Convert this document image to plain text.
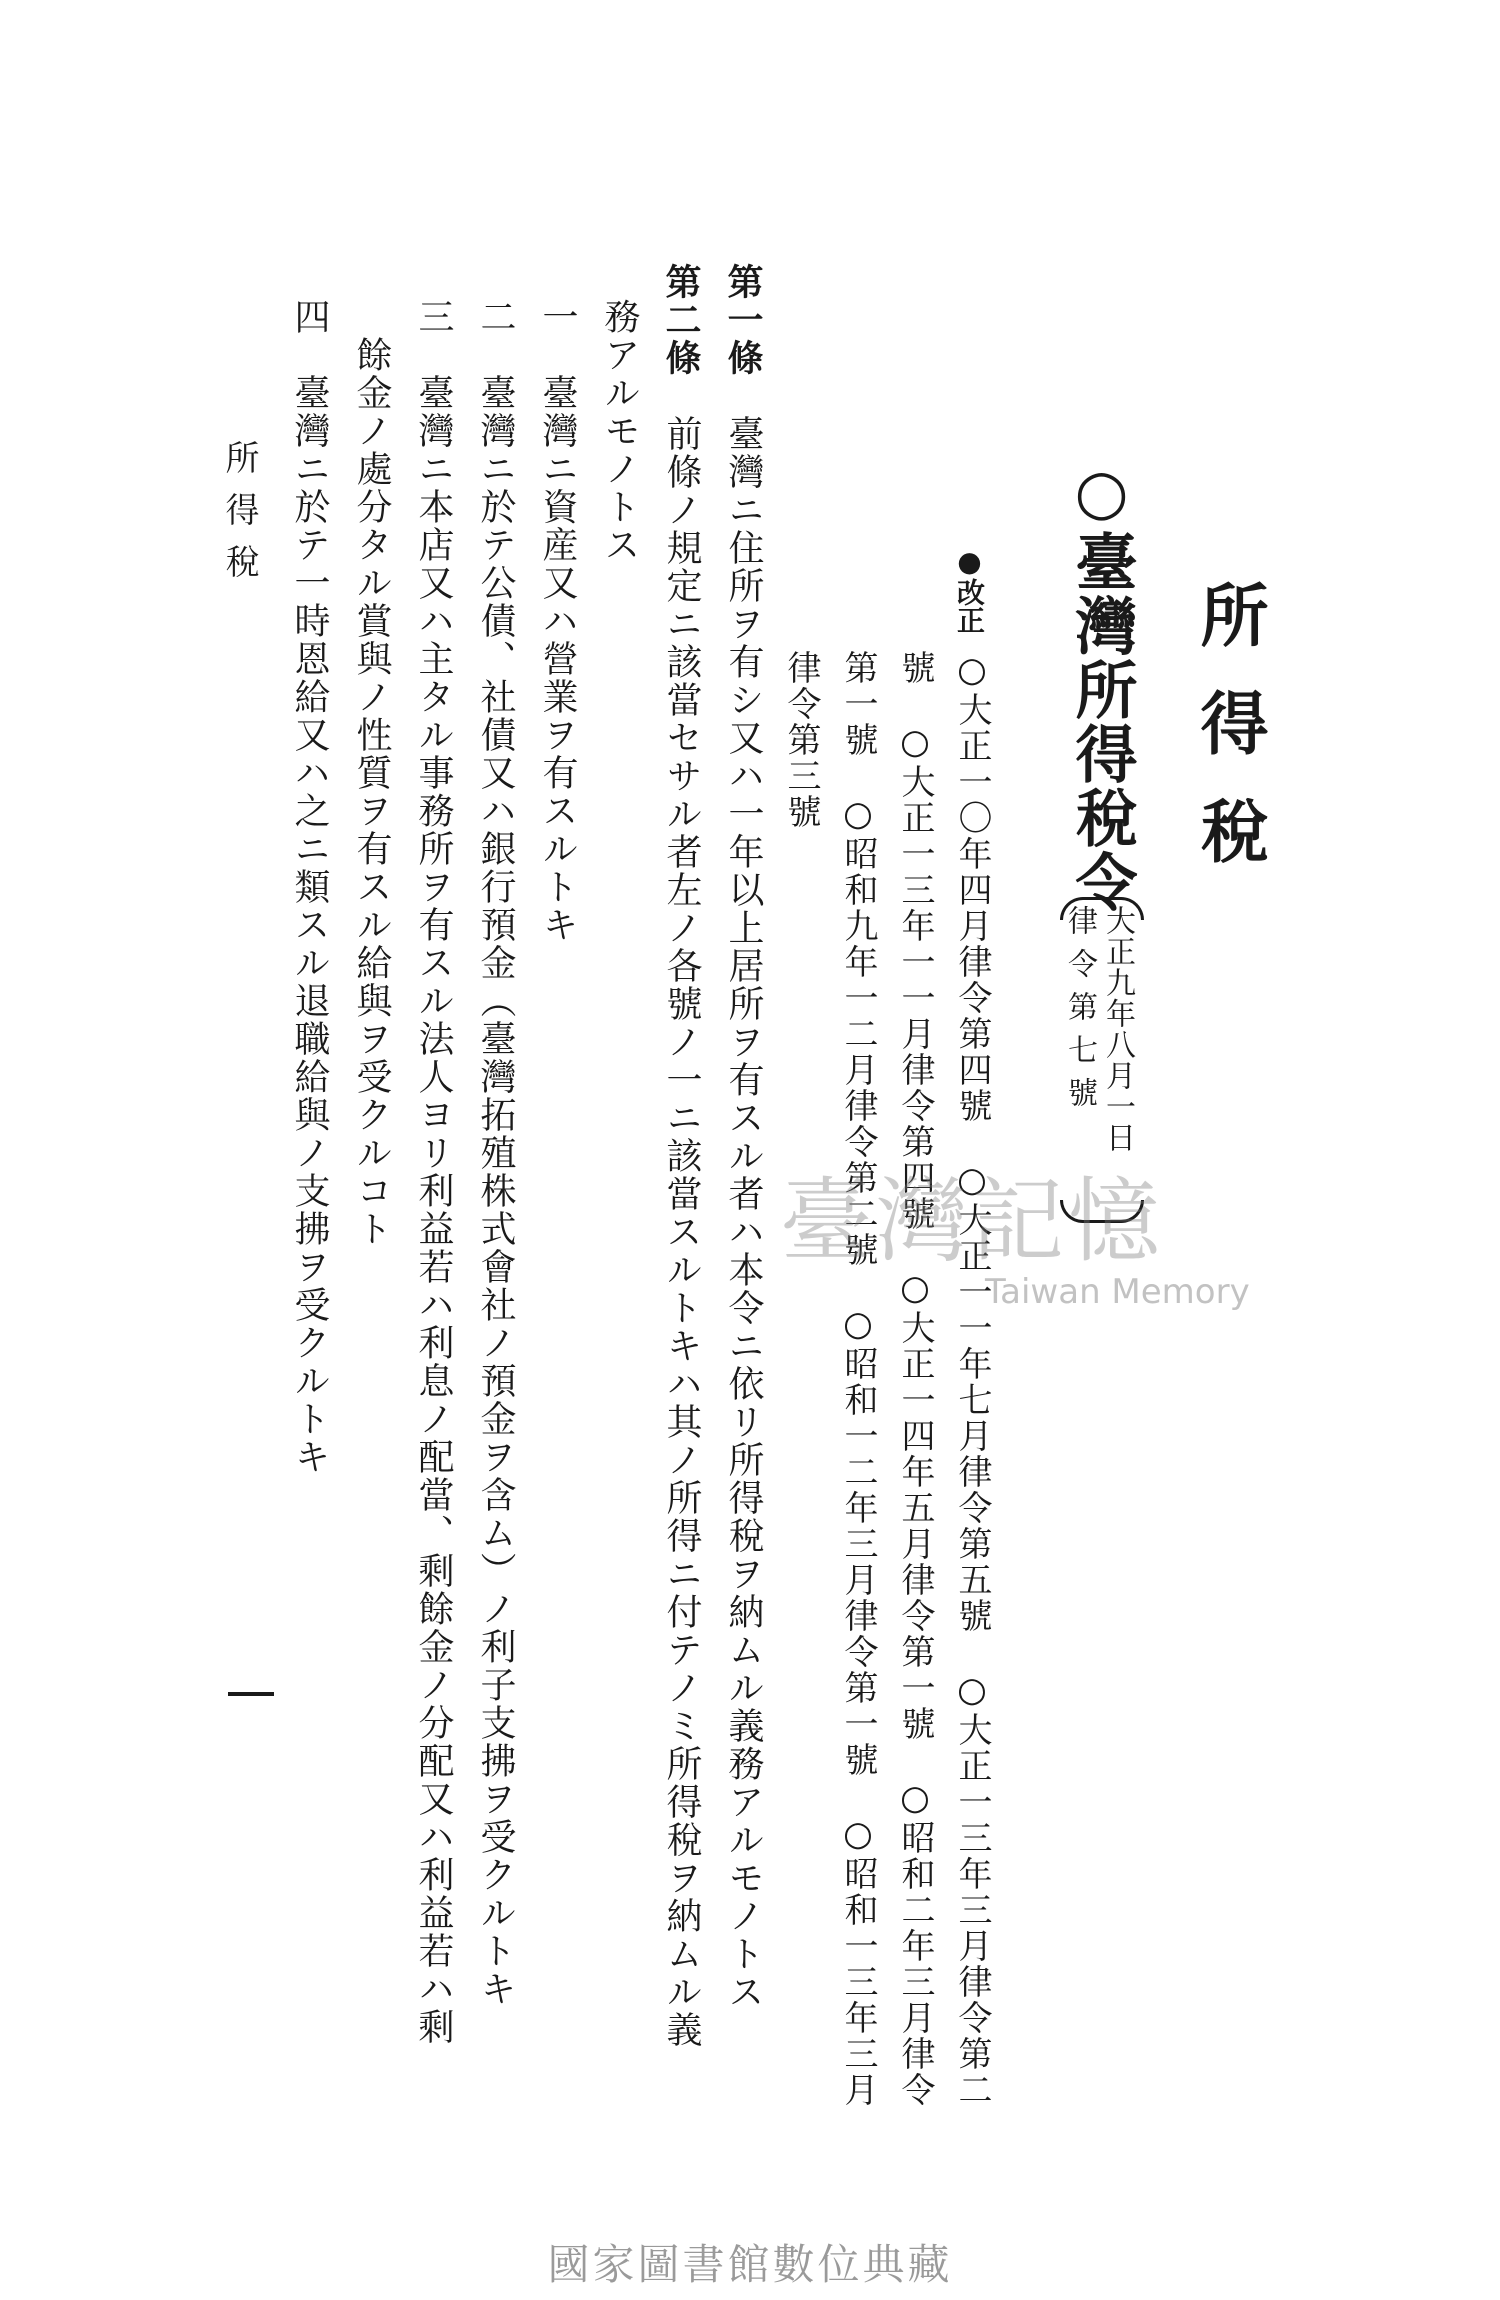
所得稅
○臺灣所得稅令
大正九年八月一日
律令第七號
●改正
○大正一〇年四月律令第四號　○大正一一年七月律令第五號　○大正一三年三月律令第二
號　○大正一三年一一月律令第四號　○大正一四年五月律令第一號　○昭和二年三月律令
第一號　○昭和九年一二月律令第二號　○昭和一二年三月律令第一號　○昭和一三年三月
律令第三號
第一條　臺灣ニ住所ヲ有シ又ハ一年以上居所ヲ有スル者ハ本令ニ依リ所得稅ヲ納ムル義務アルモノトス
第二條　前條ノ規定ニ該當セサル者左ノ各號ノ一ニ該當スルトキハ其ノ所得ニ付テノミ所得稅ヲ納ムル義
務アルモノトス
一　臺灣ニ資産又ハ營業ヲ有スルトキ
二　臺灣ニ於テ公債、社債又ハ銀行預金（臺灣拓殖株式會社ノ預金ヲ含ム）ノ利子支拂ヲ受クルトキ
三　臺灣ニ本店又ハ主タル事務所ヲ有スル法人ヨリ利益若ハ利息ノ配當、剩餘金ノ分配又ハ利益若ハ剩
　餘金ノ處分タル賞與ノ性質ヲ有スル給與ヲ受クルコト
四　臺灣ニ於テ一時恩給又ハ之ニ類スル退職給與ノ支拂ヲ受クルトキ
所得稅
臺灣記憶
Taiwan Memory
國家圖書館數位典藏
